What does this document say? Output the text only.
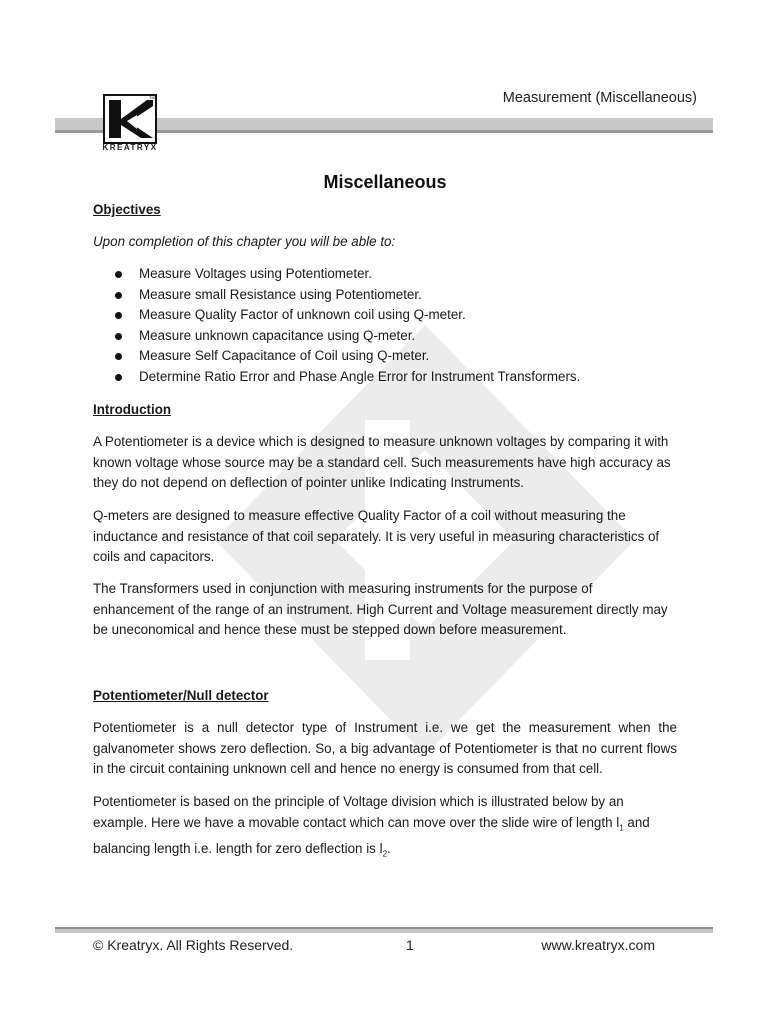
Measurement (Miscellaneous)
TM
KREATRYX
Miscellaneous
Objectives
Upon completion of this chapter you will be able to:
Measure Voltages using Potentiometer.
Measure small Resistance using Potentiometer.
Measure Quality Factor of unknown coil using Q-meter.
Measure unknown capacitance using Q-meter.
Measure Self Capacitance of Coil using Q-meter.
Determine Ratio Error and Phase Angle Error for Instrument Transformers.
Introduction

A Potentiometer is a device which is designed to measure unknown voltages by comparing it with known voltage whose source may be a standard cell. Such measurements have high accuracy as they do not depend on deflection of pointer unlike Indicating Instruments.

Q-meters are designed to measure effective Quality Factor of a coil without measuring the inductance and resistance of that coil separately. It is very useful in measuring characteristics of coils and capacitors.

The Transformers used in conjunction with measuring instruments for the purpose of enhancement of the range of an instrument. High Current and Voltage measurement directly may be uneconomical and hence these must be stepped down before measurement.

Potentiometer/Null detector

Potentiometer is a null detector type of Instrument i.e. we get the measurement when the galvanometer shows zero deflection. So, a big advantage of Potentiometer is that no current flows in the circuit containing unknown cell and hence no energy is consumed from that cell.

Potentiometer is based on the principle of Voltage division which is illustrated below by an example. Here we have a movable contact which can move over the slide wire of length $l_1$ and balancing length i.e. length for zero deflection is $l_2$.

© Kreatryx. All Rights Reserved.	1	www.kreatryx.com
